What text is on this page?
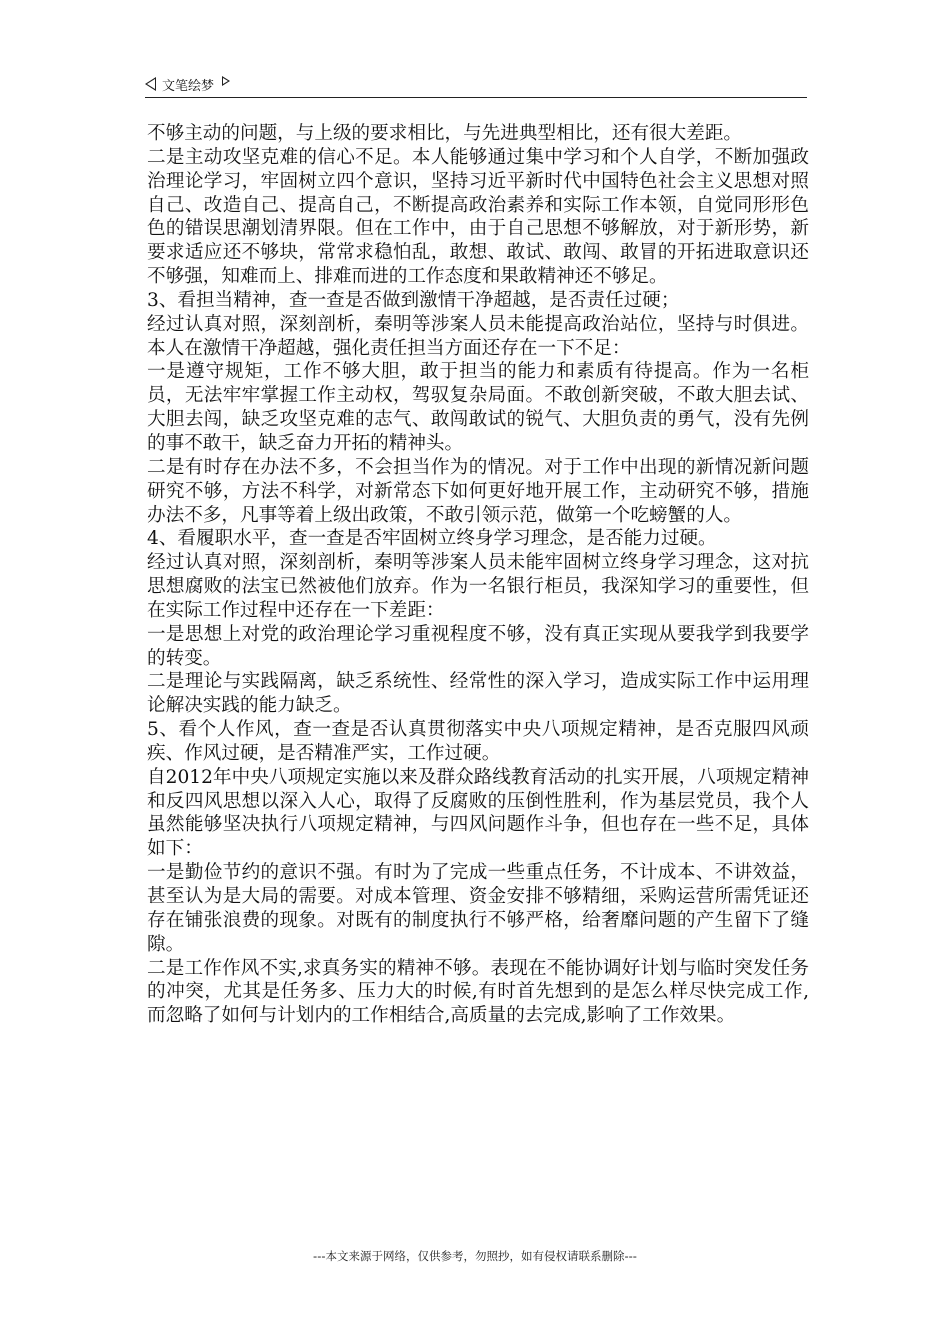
文笔绘梦

不够主动的问题，与上级的要求相比，与先进典型相比，还有很大差距。

二是主动攻坚克难的信心不足。本人能够通过集中学习和个人自学，不断加强政治理论学习，牢固树立四个意识，坚持习近平新时代中国特色社会主义思想对照自己、改造自己、提高自己，不断提高政治素养和实际工作本领，自觉同形形色色的错误思潮划清界限。但在工作中，由于自己思想不够解放，对于新形势，新要求适应还不够块，常常求稳怕乱，敢想、敢试、敢闯、敢冒的开拓进取意识还不够强，知难而上、排难而进的工作态度和果敢精神还不够足。

3、看担当精神，查一查是否做到激情干净超越，是否责任过硬；

经过认真对照，深刻剖析，秦明等涉案人员未能提高政治站位，坚持与时俱进。本人在激情干净超越，强化责任担当方面还存在一下不足：

一是遵守规矩，工作不够大胆，敢于担当的能力和素质有待提高。作为一名柜员，无法牢牢掌握工作主动权，驾驭复杂局面。不敢创新突破，不敢大胆去试、大胆去闯，缺乏攻坚克难的志气、敢闯敢试的锐气、大胆负责的勇气，没有先例的事不敢干，缺乏奋力开拓的精神头。

二是有时存在办法不多，不会担当作为的情况。对于工作中出现的新情况新问题研究不够，方法不科学，对新常态下如何更好地开展工作，主动研究不够，措施办法不多，凡事等着上级出政策，不敢引领示范，做第一个吃螃蟹的人。

4、看履职水平，查一查是否牢固树立终身学习理念，是否能力过硬。

经过认真对照，深刻剖析，秦明等涉案人员未能牢固树立终身学习理念，这对抗思想腐败的法宝已然被他们放弃。作为一名银行柜员，我深知学习的重要性，但在实际工作过程中还存在一下差距：

一是思想上对党的政治理论学习重视程度不够，没有真正实现从要我学到我要学的转变。

二是理论与实践隔离，缺乏系统性、经常性的深入学习，造成实际工作中运用理论解决实践的能力缺乏。

5、看个人作风，查一查是否认真贯彻落实中央八项规定精神，是否克服四风顽疾、作风过硬，是否精准严实，工作过硬。

自2012年中央八项规定实施以来及群众路线教育活动的扎实开展，八项规定精神和反四风思想以深入人心，取得了反腐败的压倒性胜利，作为基层党员，我个人虽然能够坚决执行八项规定精神，与四风问题作斗争，但也存在一些不足，具体如下：

一是勤俭节约的意识不强。有时为了完成一些重点任务，不计成本、不讲效益，甚至认为是大局的需要。对成本管理、资金安排不够精细，采购运营所需凭证还存在铺张浪费的现象。对既有的制度执行不够严格，给奢靡问题的产生留下了缝隙。

二是工作作风不实,求真务实的精神不够。表现在不能协调好计划与临时突发任务的冲突，尤其是任务多、压力大的时候,有时首先想到的是怎么样尽快完成工作,而忽略了如何与计划内的工作相结合,高质量的去完成,影响了工作效果。

---本文来源于网络，仅供参考，勿照抄，如有侵权请联系删除---
